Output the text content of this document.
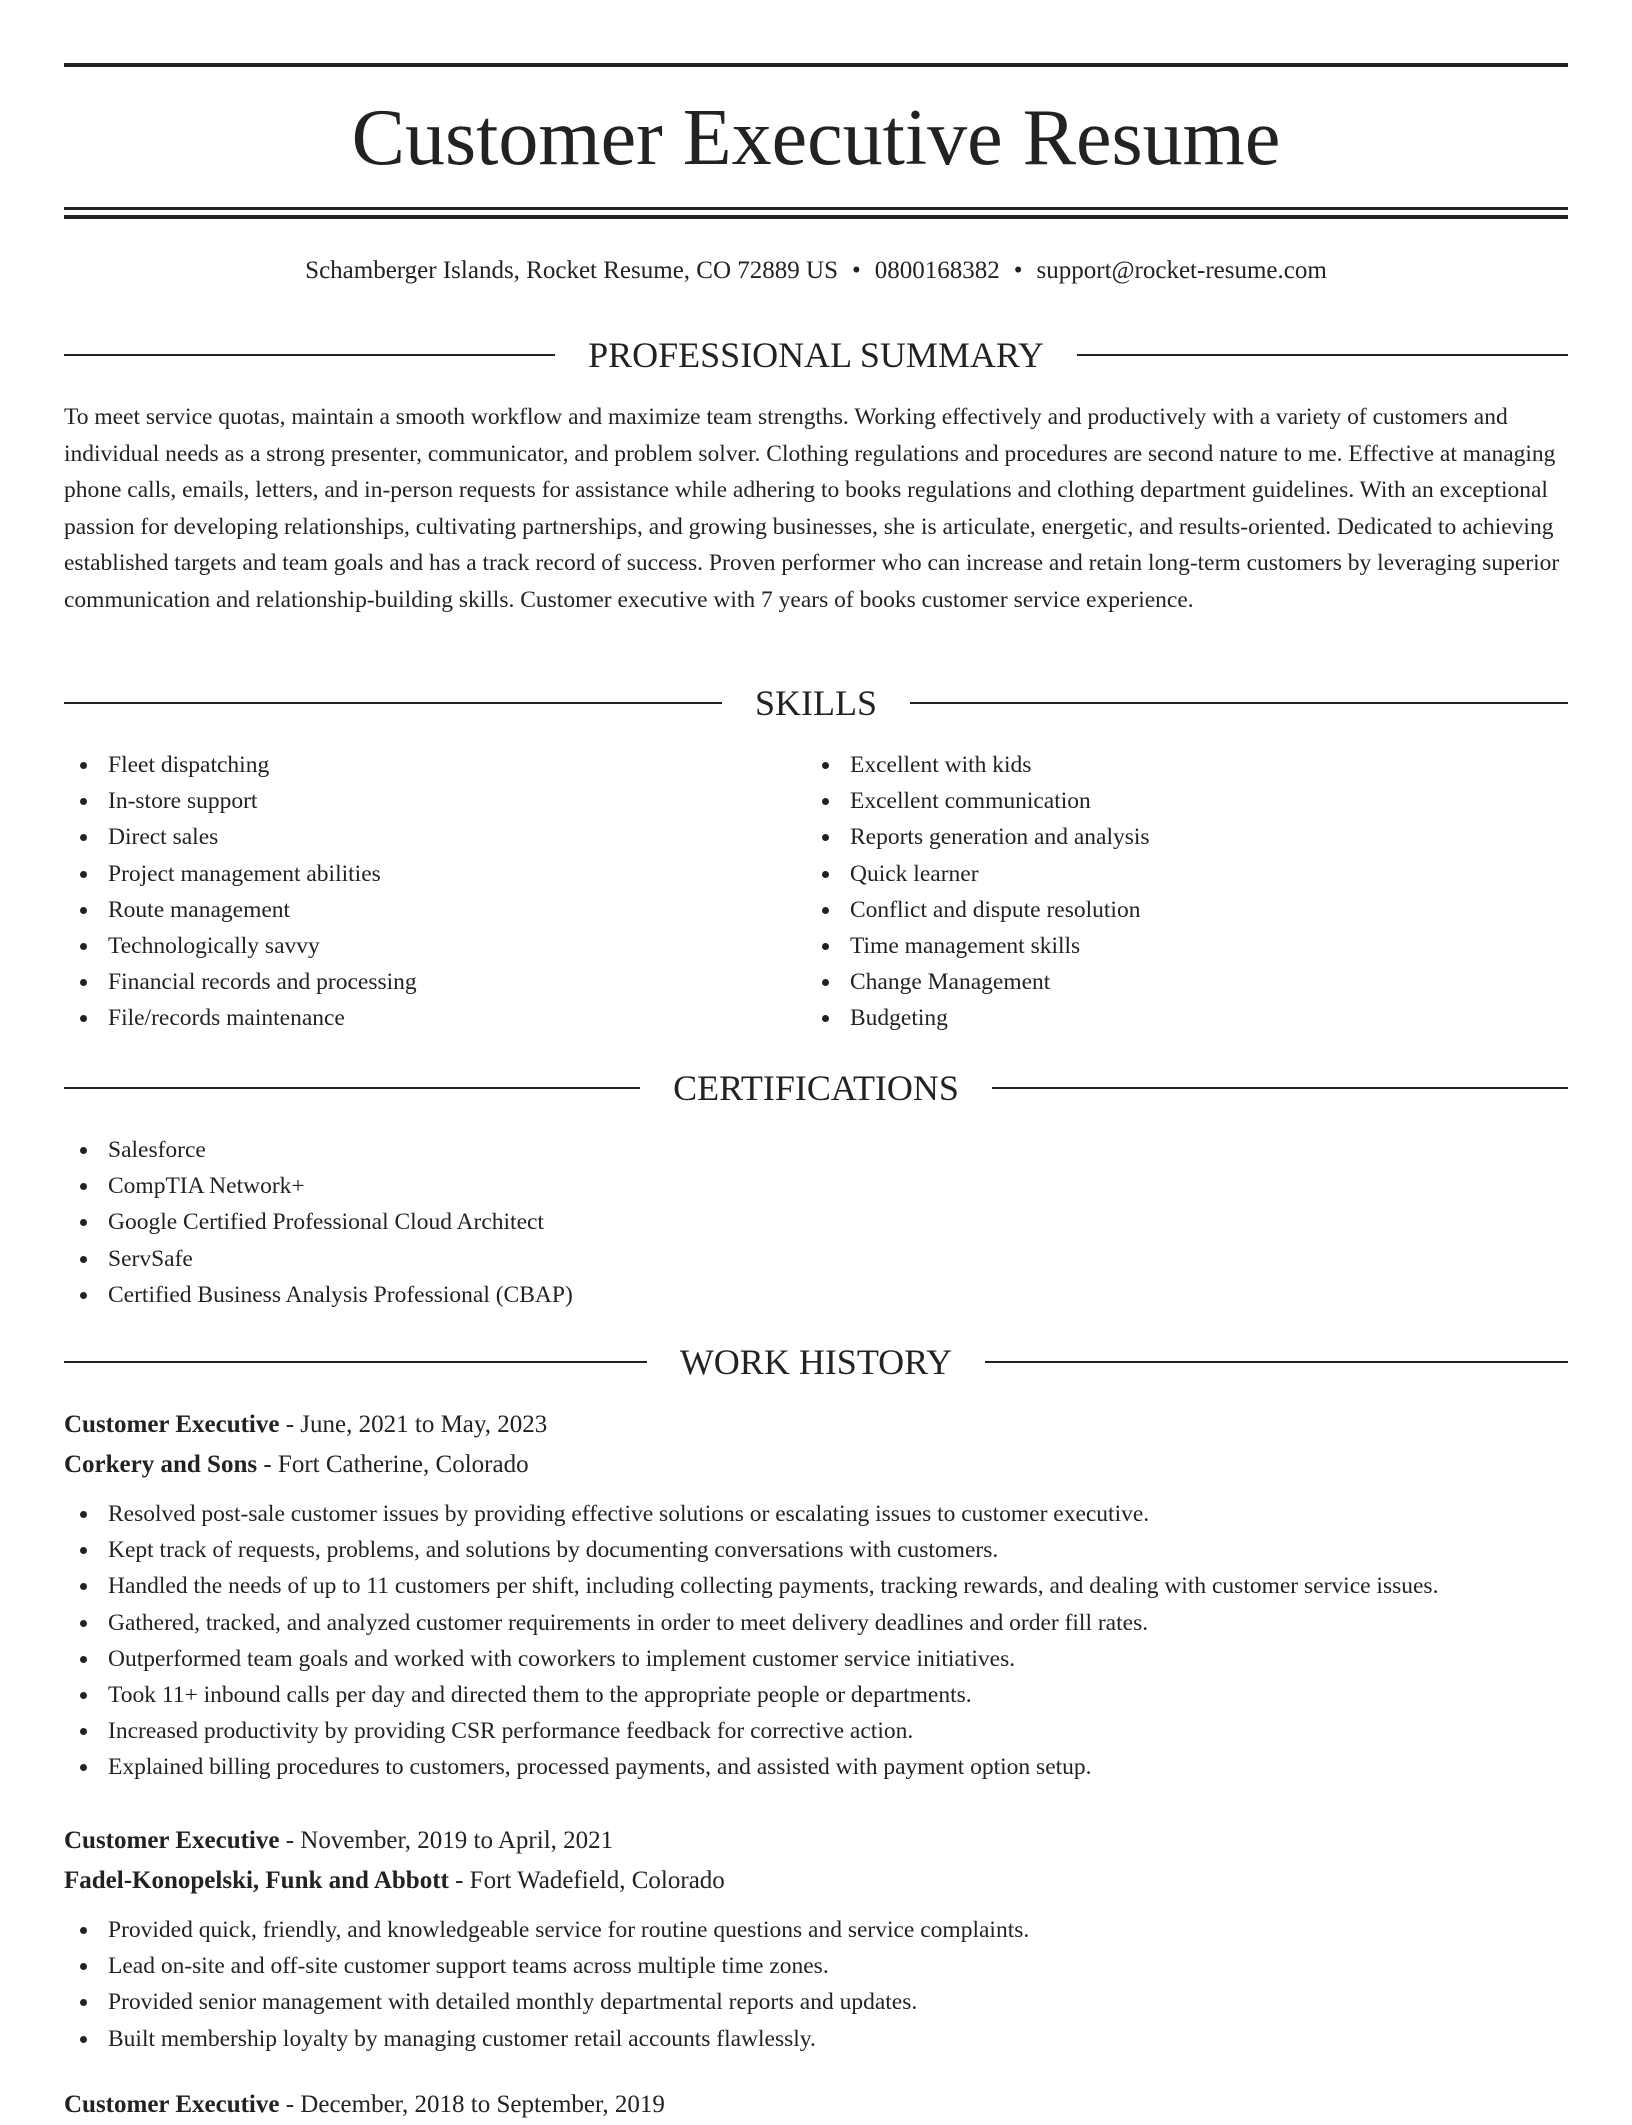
Customer Executive Resume
Schamberger Islands, Rocket Resume, CO 72889 US • 0800168382 • support@rocket-resume.com
PROFESSIONAL SUMMARY

To meet service quotas, maintain a smooth workflow and maximize team strengths. Working effectively and productively with a variety of customers and individual needs as a strong presenter, communicator, and problem solver. Clothing regulations and procedures are second nature to me. Effective at managing phone calls, emails, letters, and in-person requests for assistance while adhering to books regulations and clothing department guidelines. With an exceptional passion for developing relationships, cultivating partnerships, and growing businesses, she is articulate, energetic, and results-oriented. Dedicated to achieving established targets and team goals and has a track record of success. Proven performer who can increase and retain long-term customers by leveraging superior communication and relationship-building skills. Customer executive with 7 years of books customer service experience.

SKILLS
Fleet dispatching
In-store support
Direct sales
Project management abilities
Route management
Technologically savvy
Financial records and processing
File/records maintenance
Excellent with kids
Excellent communication
Reports generation and analysis
Quick learner
Conflict and dispute resolution
Time management skills
Change Management
Budgeting
CERTIFICATIONS
Salesforce
CompTIA Network+
Google Certified Professional Cloud Architect
ServSafe
Certified Business Analysis Professional (CBAP)
WORK HISTORY
Customer Executive - June, 2021 to May, 2023
Corkery and Sons - Fort Catherine, Colorado
Resolved post-sale customer issues by providing effective solutions or escalating issues to customer executive.
Kept track of requests, problems, and solutions by documenting conversations with customers.
Handled the needs of up to 11 customers per shift, including collecting payments, tracking rewards, and dealing with customer service issues.
Gathered, tracked, and analyzed customer requirements in order to meet delivery deadlines and order fill rates.
Outperformed team goals and worked with coworkers to implement customer service initiatives.
Took 11+ inbound calls per day and directed them to the appropriate people or departments.
Increased productivity by providing CSR performance feedback for corrective action.
Explained billing procedures to customers, processed payments, and assisted with payment option setup.
Customer Executive - November, 2019 to April, 2021
Fadel-Konopelski, Funk and Abbott - Fort Wadefield, Colorado
Provided quick, friendly, and knowledgeable service for routine questions and service complaints.
Lead on-site and off-site customer support teams across multiple time zones.
Provided senior management with detailed monthly departmental reports and updates.
Built membership loyalty by managing customer retail accounts flawlessly.
Customer Executive - December, 2018 to September, 2019
